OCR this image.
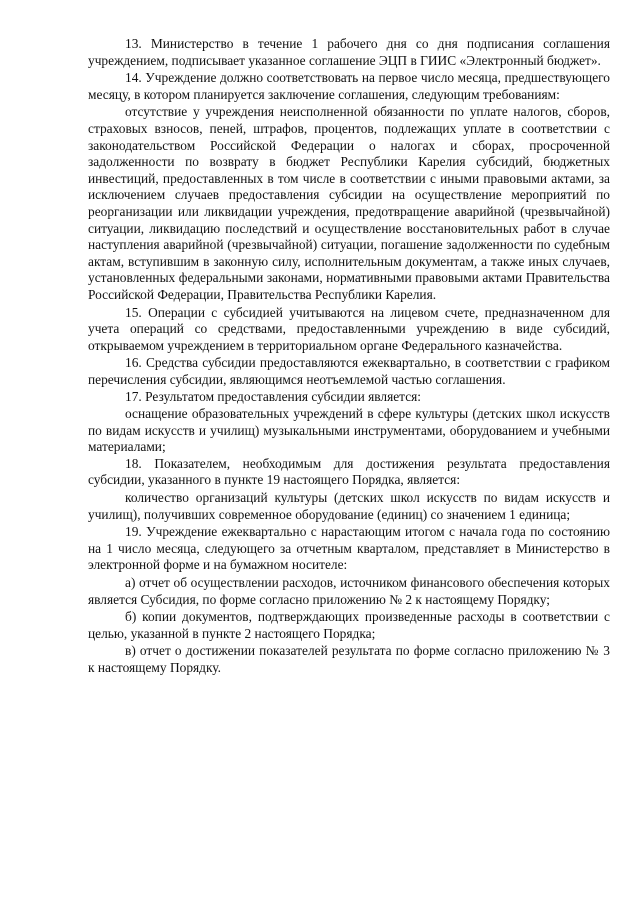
13. Министерство в течение 1 рабочего дня со дня подписания соглашения учреждением, подписывает указанное соглашение ЭЦП в ГИИС «Электронный бюджет».

14. Учреждение должно соответствовать на первое число месяца, предшествующего месяцу, в котором планируется заключение соглашения, следующим требованиям:

отсутствие у учреждения неисполненной обязанности по уплате налогов, сборов, страховых взносов, пеней, штрафов, процентов, подлежащих уплате в соответствии с законодательством Российской Федерации о налогах и сборах, просроченной задолженности по возврату в бюджет Республики Карелия субсидий, бюджетных инвестиций, предоставленных в том числе в соответствии с иными правовыми актами, за исключением случаев предоставления субсидии на осуществление мероприятий по реорганизации или ликвидации учреждения, предотвращение аварийной (чрезвычайной) ситуации, ликвидацию последствий и осуществление восстановительных работ в случае наступления аварийной (чрезвычайной) ситуации, погашение задолженности по судебным актам, вступившим в законную силу, исполнительным документам, а также иных случаев, установленных федеральными законами, нормативными правовыми актами Правительства Российской Федерации, Правительства Республики Карелия.

15. Операции с субсидией учитываются на лицевом счете, предназначенном для учета операций со средствами, предоставленными учреждению в виде субсидий, открываемом учреждением в территориальном органе Федерального казначейства.

16. Средства субсидии предоставляются ежеквартально, в соответствии с графиком перечисления субсидии, являющимся неотъемлемой частью соглашения.

17. Результатом предоставления субсидии является:

оснащение образовательных учреждений в сфере культуры (детских школ искусств по видам искусств и училищ) музыкальными инструментами, оборудованием и учебными материалами;

18. Показателем, необходимым для достижения результата предоставления субсидии, указанного в пункте 19 настоящего Порядка, является:

количество организаций культуры (детских школ искусств по видам искусств и училищ), получивших современное оборудование (единиц) со значением 1 единица;

19. Учреждение ежеквартально с нарастающим итогом с начала года по состоянию на 1 число месяца, следующего за отчетным кварталом, представляет в Министерство в электронной форме и на бумажном носителе:

а) отчет об осуществлении расходов, источником финансового обеспечения которых является Субсидия, по форме согласно приложению № 2 к настоящему Порядку;

б) копии документов, подтверждающих произведенные расходы в соответствии с целью, указанной в пункте 2 настоящего Порядка;

в) отчет о достижении показателей результата по форме согласно приложению № 3 к настоящему Порядку.
